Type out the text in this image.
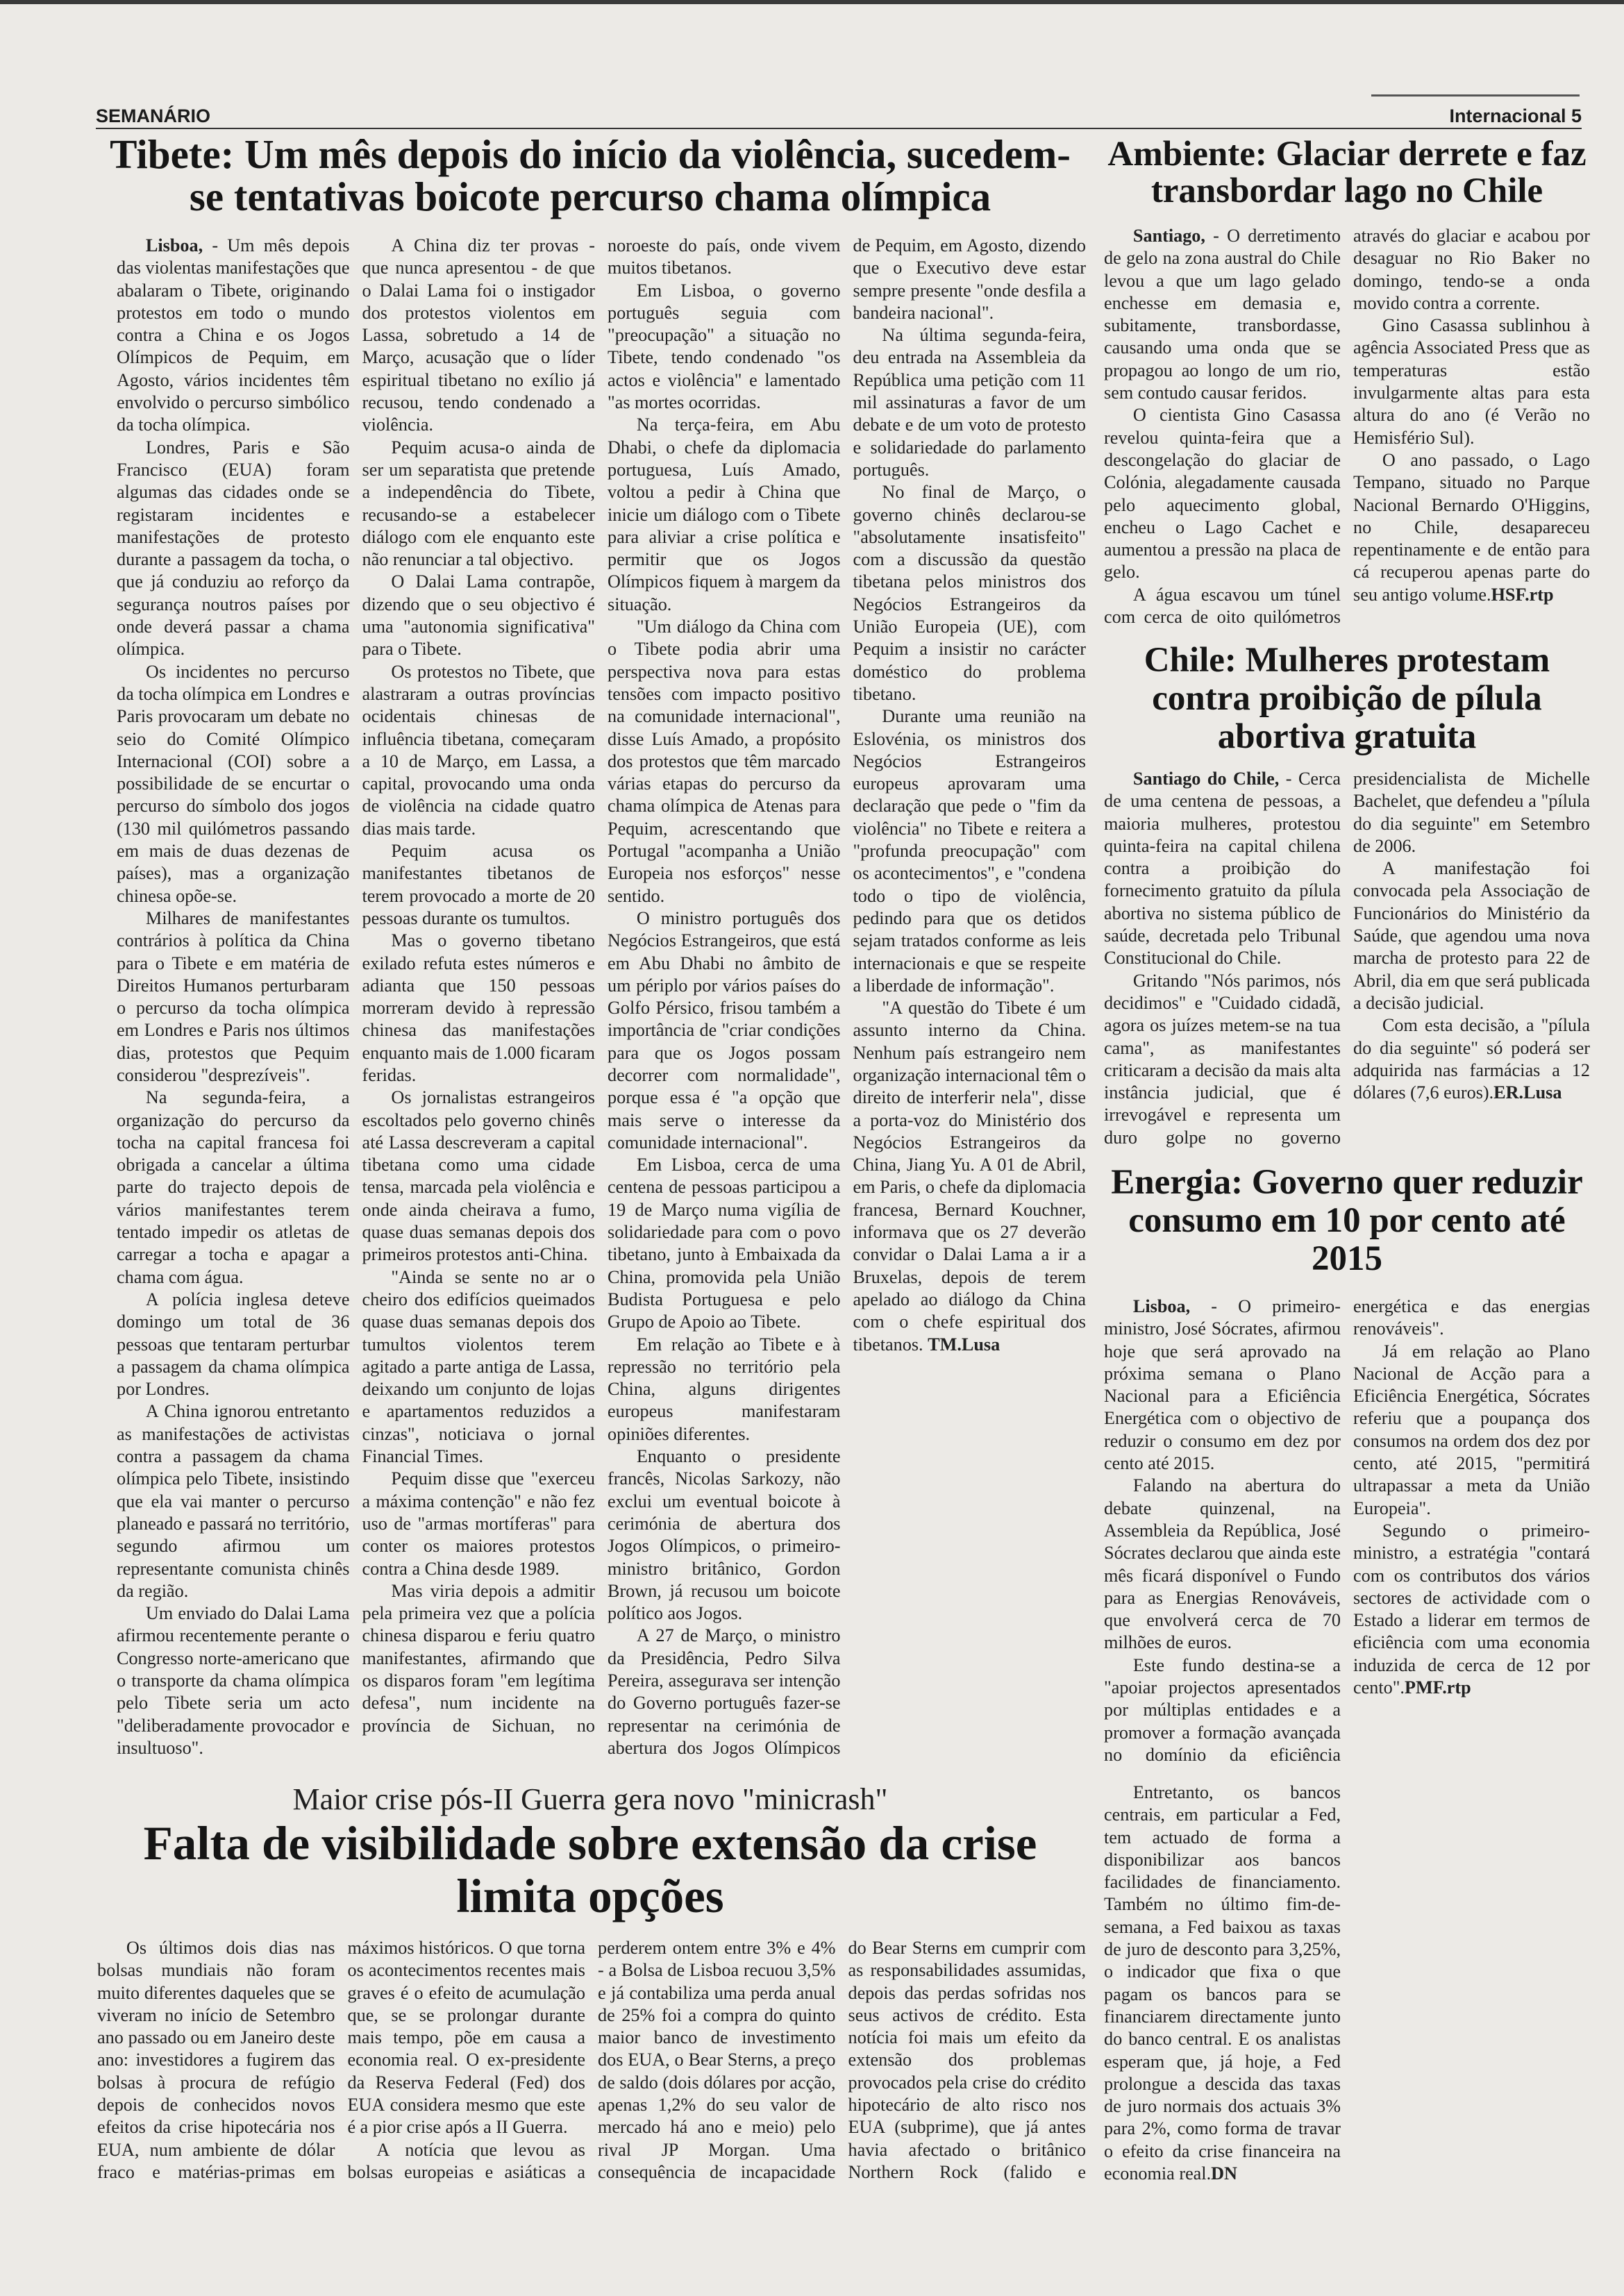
SEMANÁRIO	Internacional 5
Tibete: Um mês depois do início da violência, sucedem-se tentativas boicote percurso chama olímpica

Lisboa, - Um mês depois das violentas manifestações que abalaram o Tibete, originando protestos em todo o mundo contra a China e os Jogos Olímpicos de Pequim, em Agosto, vários incidentes têm envolvido o percurso simbólico da tocha olímpica.

Londres, Paris e São Francisco (EUA) foram algumas das cidades onde se registaram incidentes e manifestações de protesto durante a passagem da tocha, o que já conduziu ao reforço da segurança noutros países por onde deverá passar a chama olímpica.

Os incidentes no percurso da tocha olímpica em Londres e Paris provocaram um debate no seio do Comité Olímpico Internacional (COI) sobre a possibilidade de se encurtar o percurso do símbolo dos jogos (130 mil quilómetros passando em mais de duas dezenas de países), mas a organização chinesa opõe-se.

Milhares de manifestantes contrários à política da China para o Tibete e em matéria de Direitos Humanos perturbaram o percurso da tocha olímpica em Londres e Paris nos últimos dias, protestos que Pequim considerou "desprezíveis".

Na segunda-feira, a organização do percurso da tocha na capital francesa foi obrigada a cancelar a última parte do trajecto depois de vários manifestantes terem tentado impedir os atletas de carregar a tocha e apagar a chama com água.

A polícia inglesa deteve domingo um total de 36 pessoas que tentaram perturbar a passagem da chama olímpica por Londres.

A China ignorou entretanto as manifestações de activistas contra a passagem da chama olímpica pelo Tibete, insistindo que ela vai manter o percurso planeado e passará no território, segundo afirmou um representante comunista chinês da região.

Um enviado do Dalai Lama afirmou recentemente perante o Congresso norte-americano que o transporte da chama olímpica pelo Tibete seria um acto "deliberadamente provocador e insultuoso".

A China diz ter provas - que nunca apresentou - de que o Dalai Lama foi o instigador dos protestos violentos em Lassa, sobretudo a 14 de Março, acusação que o líder espiritual tibetano no exílio já recusou, tendo condenado a violência.

Pequim acusa-o ainda de ser um separatista que pretende a independência do Tibete, recusando-se a estabelecer diálogo com ele enquanto este não renunciar a tal objectivo.

O Dalai Lama contrapõe, dizendo que o seu objectivo é uma "autonomia significativa" para o Tibete.

Os protestos no Tibete, que alastraram a outras províncias ocidentais chinesas de influência tibetana, começaram a 10 de Março, em Lassa, a capital, provocando uma onda de violência na cidade quatro dias mais tarde.

Pequim acusa os manifestantes tibetanos de terem provocado a morte de 20 pessoas durante os tumultos.

Mas o governo tibetano exilado refuta estes números e adianta que 150 pessoas morreram devido à repressão chinesa das manifestações enquanto mais de 1.000 ficaram feridas.

Os jornalistas estrangeiros escoltados pelo governo chinês até Lassa descreveram a capital tibetana como uma cidade tensa, marcada pela violência e onde ainda cheirava a fumo, quase duas semanas depois dos primeiros protestos anti-China.

"Ainda se sente no ar o cheiro dos edifícios queimados quase duas semanas depois dos tumultos violentos terem agitado a parte antiga de Lassa, deixando um conjunto de lojas e apartamentos reduzidos a cinzas", noticiava o jornal Financial Times.

Pequim disse que "exerceu a máxima contenção" e não fez uso de "armas mortíferas" para conter os maiores protestos contra a China desde 1989.

Mas viria depois a admitir pela primeira vez que a polícia chinesa disparou e feriu quatro manifestantes, afirmando que os disparos foram "em legítima defesa", num incidente na província de Sichuan, no noroeste do país, onde vivem muitos tibetanos.

Em Lisboa, o governo português seguia com "preocupação" a situação no Tibete, tendo condenado "os actos e violência" e lamentado "as mortes ocorridas.

Na terça-feira, em Abu Dhabi, o chefe da diplomacia portuguesa, Luís Amado, voltou a pedir à China que inicie um diálogo com o Tibete para aliviar a crise política e permitir que os Jogos Olímpicos fiquem à margem da situação.

"Um diálogo da China com o Tibete podia abrir uma perspectiva nova para estas tensões com impacto positivo na comunidade internacional", disse Luís Amado, a propósito dos protestos que têm marcado várias etapas do percurso da chama olímpica de Atenas para Pequim, acrescentando que Portugal "acompanha a União Europeia nos esforços" nesse sentido.

O ministro português dos Negócios Estrangeiros, que está em Abu Dhabi no âmbito de um périplo por vários países do Golfo Pérsico, frisou também a importância de "criar condições para que os Jogos possam decorrer com normalidade", porque essa é "a opção que mais serve o interesse da comunidade internacional".

Em Lisboa, cerca de uma centena de pessoas participou a 19 de Março numa vigília de solidariedade para com o povo tibetano, junto à Embaixada da China, promovida pela União Budista Portuguesa e pelo Grupo de Apoio ao Tibete.

Em relação ao Tibete e à repressão no território pela China, alguns dirigentes europeus manifestaram opiniões diferentes.

Enquanto o presidente francês, Nicolas Sarkozy, não exclui um eventual boicote à cerimónia de abertura dos Jogos Olímpicos, o primeiro-ministro britânico, Gordon Brown, já recusou um boicote político aos Jogos.

A 27 de Março, o ministro da Presidência, Pedro Silva Pereira, assegurava ser intenção do Governo português fazer-se representar na cerimónia de abertura dos Jogos Olímpicos de Pequim, em Agosto, dizendo que o Executivo deve estar sempre presente "onde desfila a bandeira nacional".

Na última segunda-feira, deu entrada na Assembleia da República uma petição com 11 mil assinaturas a favor de um debate e de um voto de protesto e solidariedade do parlamento português.

No final de Março, o governo chinês declarou-se "absolutamente insatisfeito" com a discussão da questão tibetana pelos ministros dos Negócios Estrangeiros da União Europeia (UE), com Pequim a insistir no carácter doméstico do problema tibetano.

Durante uma reunião na Eslovénia, os ministros dos Negócios Estrangeiros europeus aprovaram uma declaração que pede o "fim da violência" no Tibete e reitera a "profunda preocupação" com os acontecimentos", e "condena todo o tipo de violência, pedindo para que os detidos sejam tratados conforme as leis internacionais e que se respeite a liberdade de informação".

"A questão do Tibete é um assunto interno da China. Nenhum país estrangeiro nem organização internacional têm o direito de interferir nela", disse a porta-voz do Ministério dos Negócios Estrangeiros da China, Jiang Yu. A 01 de Abril, em Paris, o chefe da diplomacia francesa, Bernard Kouchner, informava que os 27 deverão convidar o Dalai Lama a ir a Bruxelas, depois de terem apelado ao diálogo da China com o chefe espiritual dos tibetanos. TM.Lusa

Ambiente: Glaciar derrete e faz transbordar lago no Chile

Santiago, - O derretimento de gelo na zona austral do Chile levou a que um lago gelado enchesse em demasia e, subitamente, transbordasse, causando uma onda que se propagou ao longo de um rio, sem contudo causar feridos.

O cientista Gino Casassa revelou quinta-feira que a descongelação do glaciar de Colónia, alegadamente causada pelo aquecimento global, encheu o Lago Cachet e aumentou a pressão na placa de gelo.

A água escavou um túnel com cerca de oito quilómetros através do glaciar e acabou por desaguar no Rio Baker no domingo, tendo-se a onda movido contra a corrente.

Gino Casassa sublinhou à agência Associated Press que as temperaturas estão invulgarmente altas para esta altura do ano (é Verão no Hemisfério Sul).

O ano passado, o Lago Tempano, situado no Parque Nacional Bernardo O'Higgins, no Chile, desapareceu repentinamente e de então para cá recuperou apenas parte do seu antigo volume.HSF.rtp

Chile: Mulheres protestam contra proibição de pílula abortiva gratuita

Santiago do Chile, - Cerca de uma centena de pessoas, a maioria mulheres, protestou quinta-feira na capital chilena contra a proibição do fornecimento gratuito da pílula abortiva no sistema público de saúde, decretada pelo Tribunal Constitucional do Chile.

Gritando "Nós parimos, nós decidimos" e "Cuidado cidadã, agora os juízes metem-se na tua cama", as manifestantes criticaram a decisão da mais alta instância judicial, que é irrevogável e representa um duro golpe no governo presidencialista de Michelle Bachelet, que defendeu a "pílula do dia seguinte" em Setembro de 2006.

A manifestação foi convocada pela Associação de Funcionários do Ministério da Saúde, que agendou uma nova marcha de protesto para 22 de Abril, dia em que será publicada a decisão judicial.

Com esta decisão, a "pílula do dia seguinte" só poderá ser adquirida nas farmácias a 12 dólares (7,6 euros).ER.Lusa

Energia: Governo quer reduzir consumo em 10 por cento até 2015

Lisboa, - O primeiro-ministro, José Sócrates, afirmou hoje que será aprovado na próxima semana o Plano Nacional para a Eficiência Energética com o objectivo de reduzir o consumo em dez por cento até 2015.

Falando na abertura do debate quinzenal, na Assembleia da República, José Sócrates declarou que ainda este mês ficará disponível o Fundo para as Energias Renováveis, que envolverá cerca de 70 milhões de euros.

Este fundo destina-se a "apoiar projectos apresentados por múltiplas entidades e a promover a formação avançada no domínio da eficiência energética e das energias renováveis".

Já em relação ao Plano Nacional de Acção para a Eficiência Energética, Sócrates referiu que a poupança dos consumos na ordem dos dez por cento, até 2015, "permitirá ultrapassar a meta da União Europeia".

Segundo o primeiro-ministro, a estratégia "contará com os contributos dos vários sectores de actividade com o Estado a liderar em termos de eficiência com uma economia induzida de cerca de 12 por cento".PMF.rtp

Maior crise pós-II Guerra gera novo "minicrash"
Falta de visibilidade sobre extensão da crise limita opções

Os últimos dois dias nas bolsas mundiais não foram muito diferentes daqueles que se viveram no início de Setembro ano passado ou em Janeiro deste ano: investidores a fugirem das bolsas à procura de refúgio depois de conhecidos novos efeitos da crise hipotecária nos EUA, num ambiente de dólar fraco e matérias-primas em máximos históricos. O que torna os acontecimentos recentes mais graves é o efeito de acumulação que, se se prolongar durante mais tempo, põe em causa a economia real. O ex-presidente da Reserva Federal (Fed) dos EUA considera mesmo que este é a pior crise após a II Guerra.

A notícia que levou as bolsas europeias e asiáticas a perderem ontem entre 3% e 4% - a Bolsa de Lisboa recuou 3,5% e já contabiliza uma perda anual de 25% foi a compra do quinto maior banco de investimento dos EUA, o Bear Sterns, a preço de saldo (dois dólares por acção, apenas 1,2% do seu valor de mercado há ano e meio) pelo rival JP Morgan. Uma consequência de incapacidade do Bear Sterns em cumprir com as responsabilidades assumidas, depois das perdas sofridas nos seus activos de crédito. Esta notícia foi mais um efeito da extensão dos problemas provocados pela crise do crédito hipotecário de alto risco nos EUA (subprime), que já antes havia afectado o britânico Northern Rock (falido e

Entretanto, os bancos centrais, em particular a Fed, tem actuado de forma a disponibilizar aos bancos facilidades de financiamento. Também no último fim-de-semana, a Fed baixou as taxas de juro de desconto para 3,25%, o indicador que fixa o que pagam os bancos para se financiarem directamente junto do banco central. E os analistas esperam que, já hoje, a Fed prolongue a descida das taxas de juro normais dos actuais 3% para 2%, como forma de travar o efeito da crise financeira na economia real.DN
